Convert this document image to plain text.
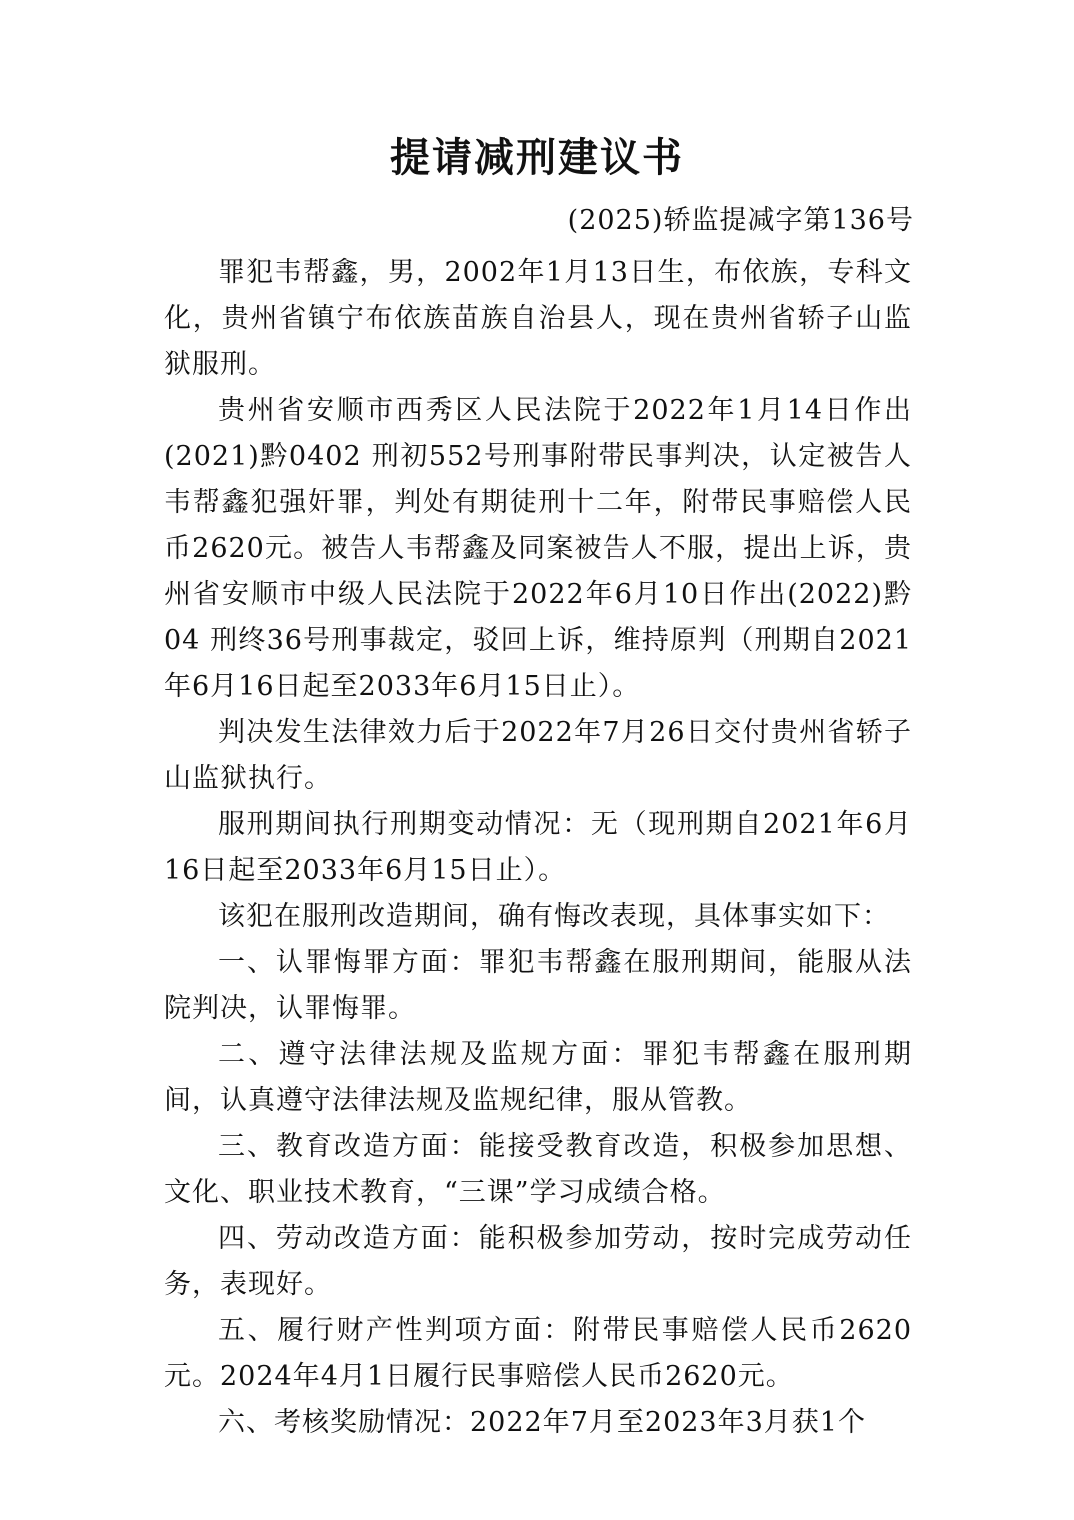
提请减刑建议书
(2025)轿监提减字第136号

罪犯韦帮鑫，男，2002年1月13日生，布依族，专科文化，贵州省镇宁布依族苗族自治县人，现在贵州省轿子山监狱服刑。

贵州省安顺市西秀区人民法院于2022年1月14日作出(2021)黔0402 刑初552号刑事附带民事判决，认定被告人韦帮鑫犯强奸罪，判处有期徒刑十二年，附带民事赔偿人民币2620元。被告人韦帮鑫及同案被告人不服，提出上诉，贵州省安顺市中级人民法院于2022年6月10日作出(2022)黔04 刑终36号刑事裁定，驳回上诉，维持原判（刑期自2021年6月16日起至2033年6月15日止）。

判决发生法律效力后于2022年7月26日交付贵州省轿子山监狱执行。

服刑期间执行刑期变动情况：无（现刑期自2021年6月16日起至2033年6月15日止）。

该犯在服刑改造期间，确有悔改表现，具体事实如下：

一、认罪悔罪方面：罪犯韦帮鑫在服刑期间，能服从法院判决，认罪悔罪。

二、遵守法律法规及监规方面：罪犯韦帮鑫在服刑期间，认真遵守法律法规及监规纪律，服从管教。

三、教育改造方面：能接受教育改造，积极参加思想、文化、职业技术教育，“三课”学习成绩合格。

四、劳动改造方面：能积极参加劳动，按时完成劳动任务，表现好。

五、履行财产性判项方面：附带民事赔偿人民币2620元。2024年4月1日履行民事赔偿人民币2620元。

六、考核奖励情况：2022年7月至2023年3月获1个
